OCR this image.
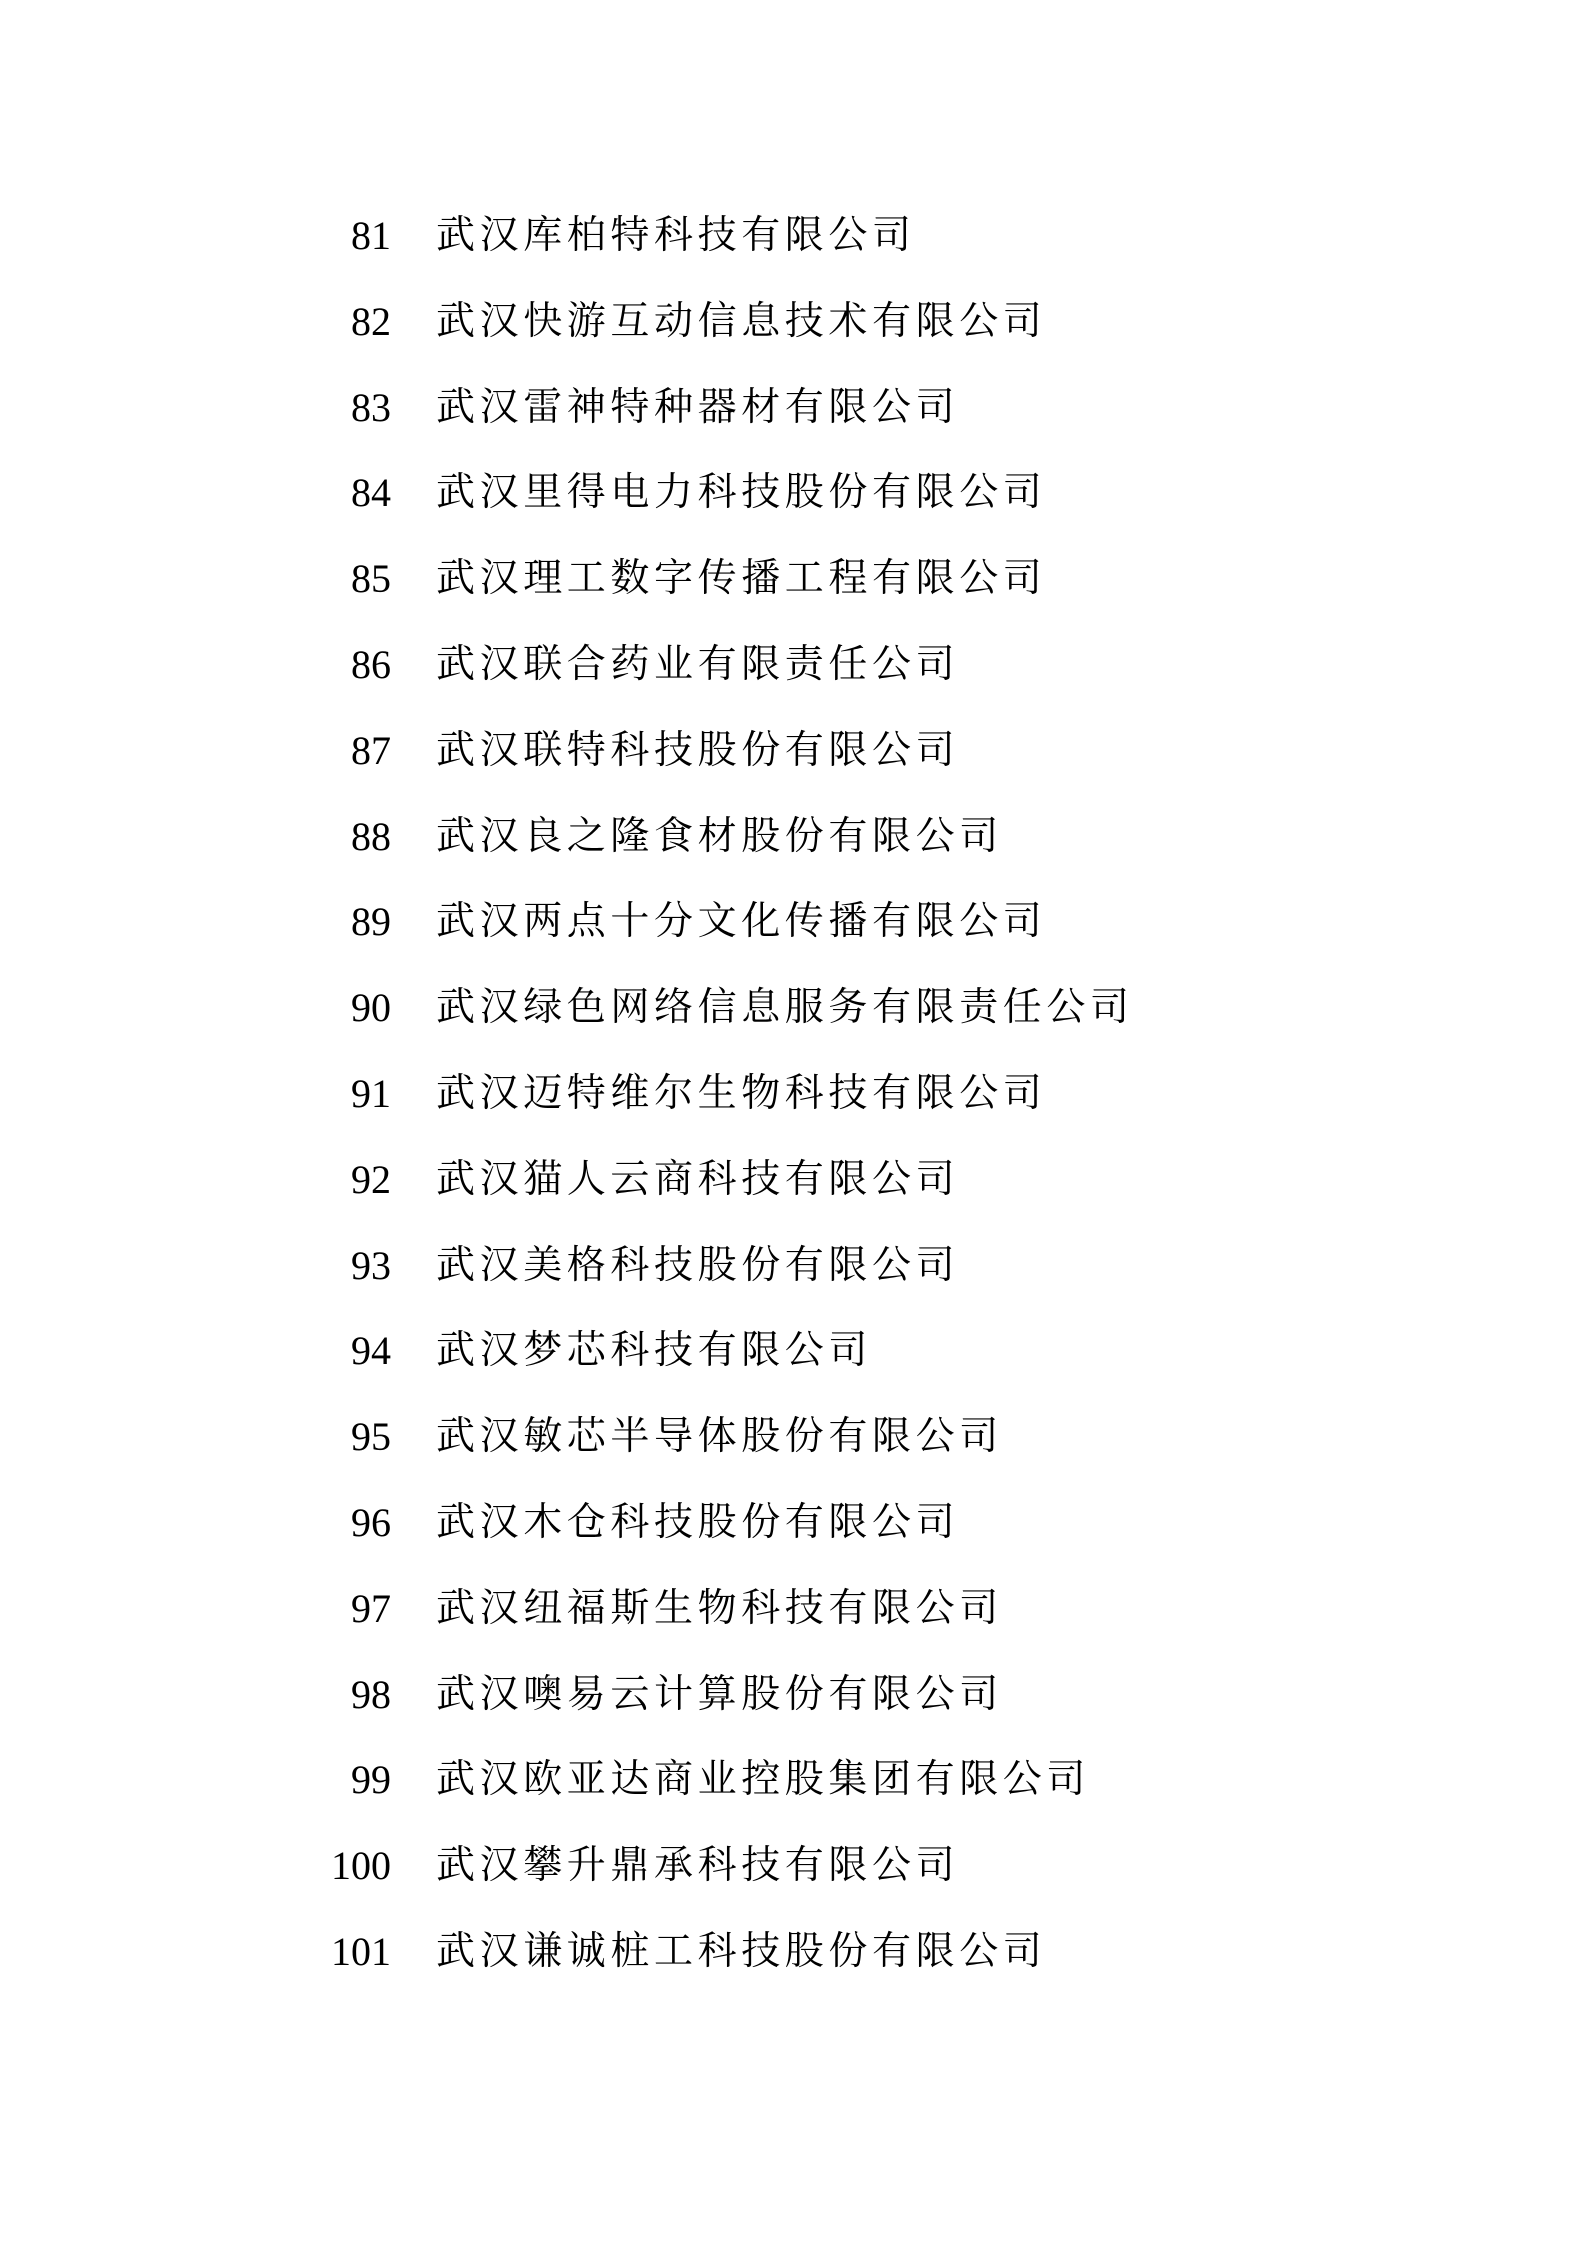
81 武汉库柏特科技有限公司
82 武汉快游互动信息技术有限公司
83 武汉雷神特种器材有限公司
84 武汉里得电力科技股份有限公司
85 武汉理工数字传播工程有限公司
86 武汉联合药业有限责任公司
87 武汉联特科技股份有限公司
88 武汉良之隆食材股份有限公司
89 武汉两点十分文化传播有限公司
90 武汉绿色网络信息服务有限责任公司
91 武汉迈特维尔生物科技有限公司
92 武汉猫人云商科技有限公司
93 武汉美格科技股份有限公司
94 武汉梦芯科技有限公司
95 武汉敏芯半导体股份有限公司
96 武汉木仓科技股份有限公司
97 武汉纽福斯生物科技有限公司
98 武汉噢易云计算股份有限公司
99 武汉欧亚达商业控股集团有限公司
100 武汉攀升鼎承科技有限公司
101 武汉谦诚桩工科技股份有限公司
